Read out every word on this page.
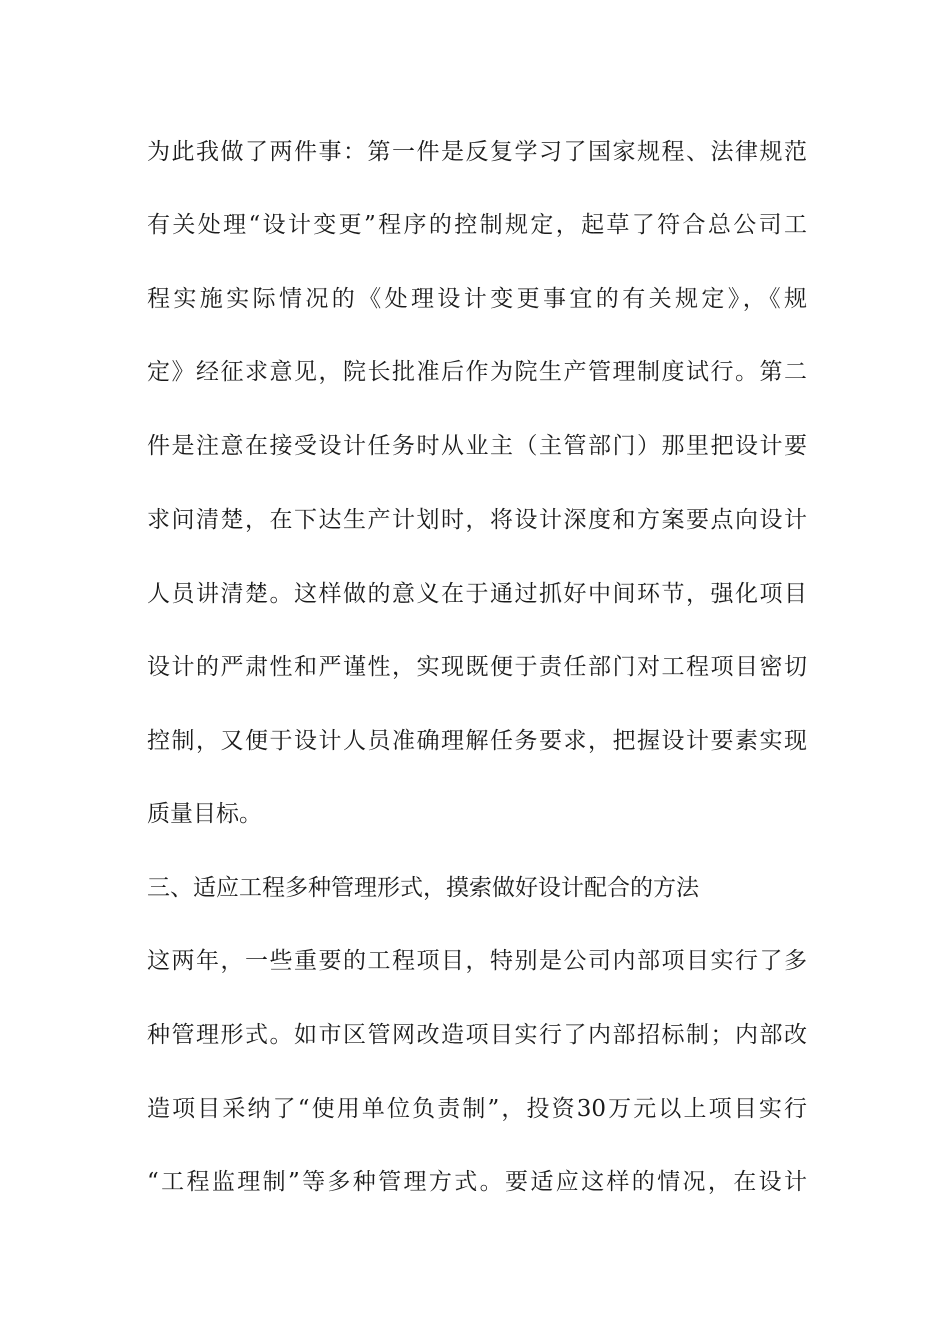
为此我做了两件事：第一件是反复学习了国家规程、法律规范
有关处理“设计变更”程序的控制规定，起草了符合总公司工
程实施实际情况的《处理设计变更事宜的有关规定》，《规
定》经征求意见，院长批准后作为院生产管理制度试行。第二
件是注意在接受设计任务时从业主（主管部门）那里把设计要
求问清楚，在下达生产计划时，将设计深度和方案要点向设计
人员讲清楚。这样做的意义在于通过抓好中间环节，强化项目
设计的严肃性和严谨性，实现既便于责任部门对工程项目密切
控制，又便于设计人员准确理解任务要求，把握设计要素实现
质量目标。
三、适应工程多种管理形式，摸索做好设计配合的方法
这两年，一些重要的工程项目，特别是公司内部项目实行了多
种管理形式。如市区管网改造项目实行了内部招标制；内部改
造项目采纳了“使用单位负责制”，投资30万元以上项目实行
“工程监理制”等多种管理方式。要适应这样的情况，在设计
